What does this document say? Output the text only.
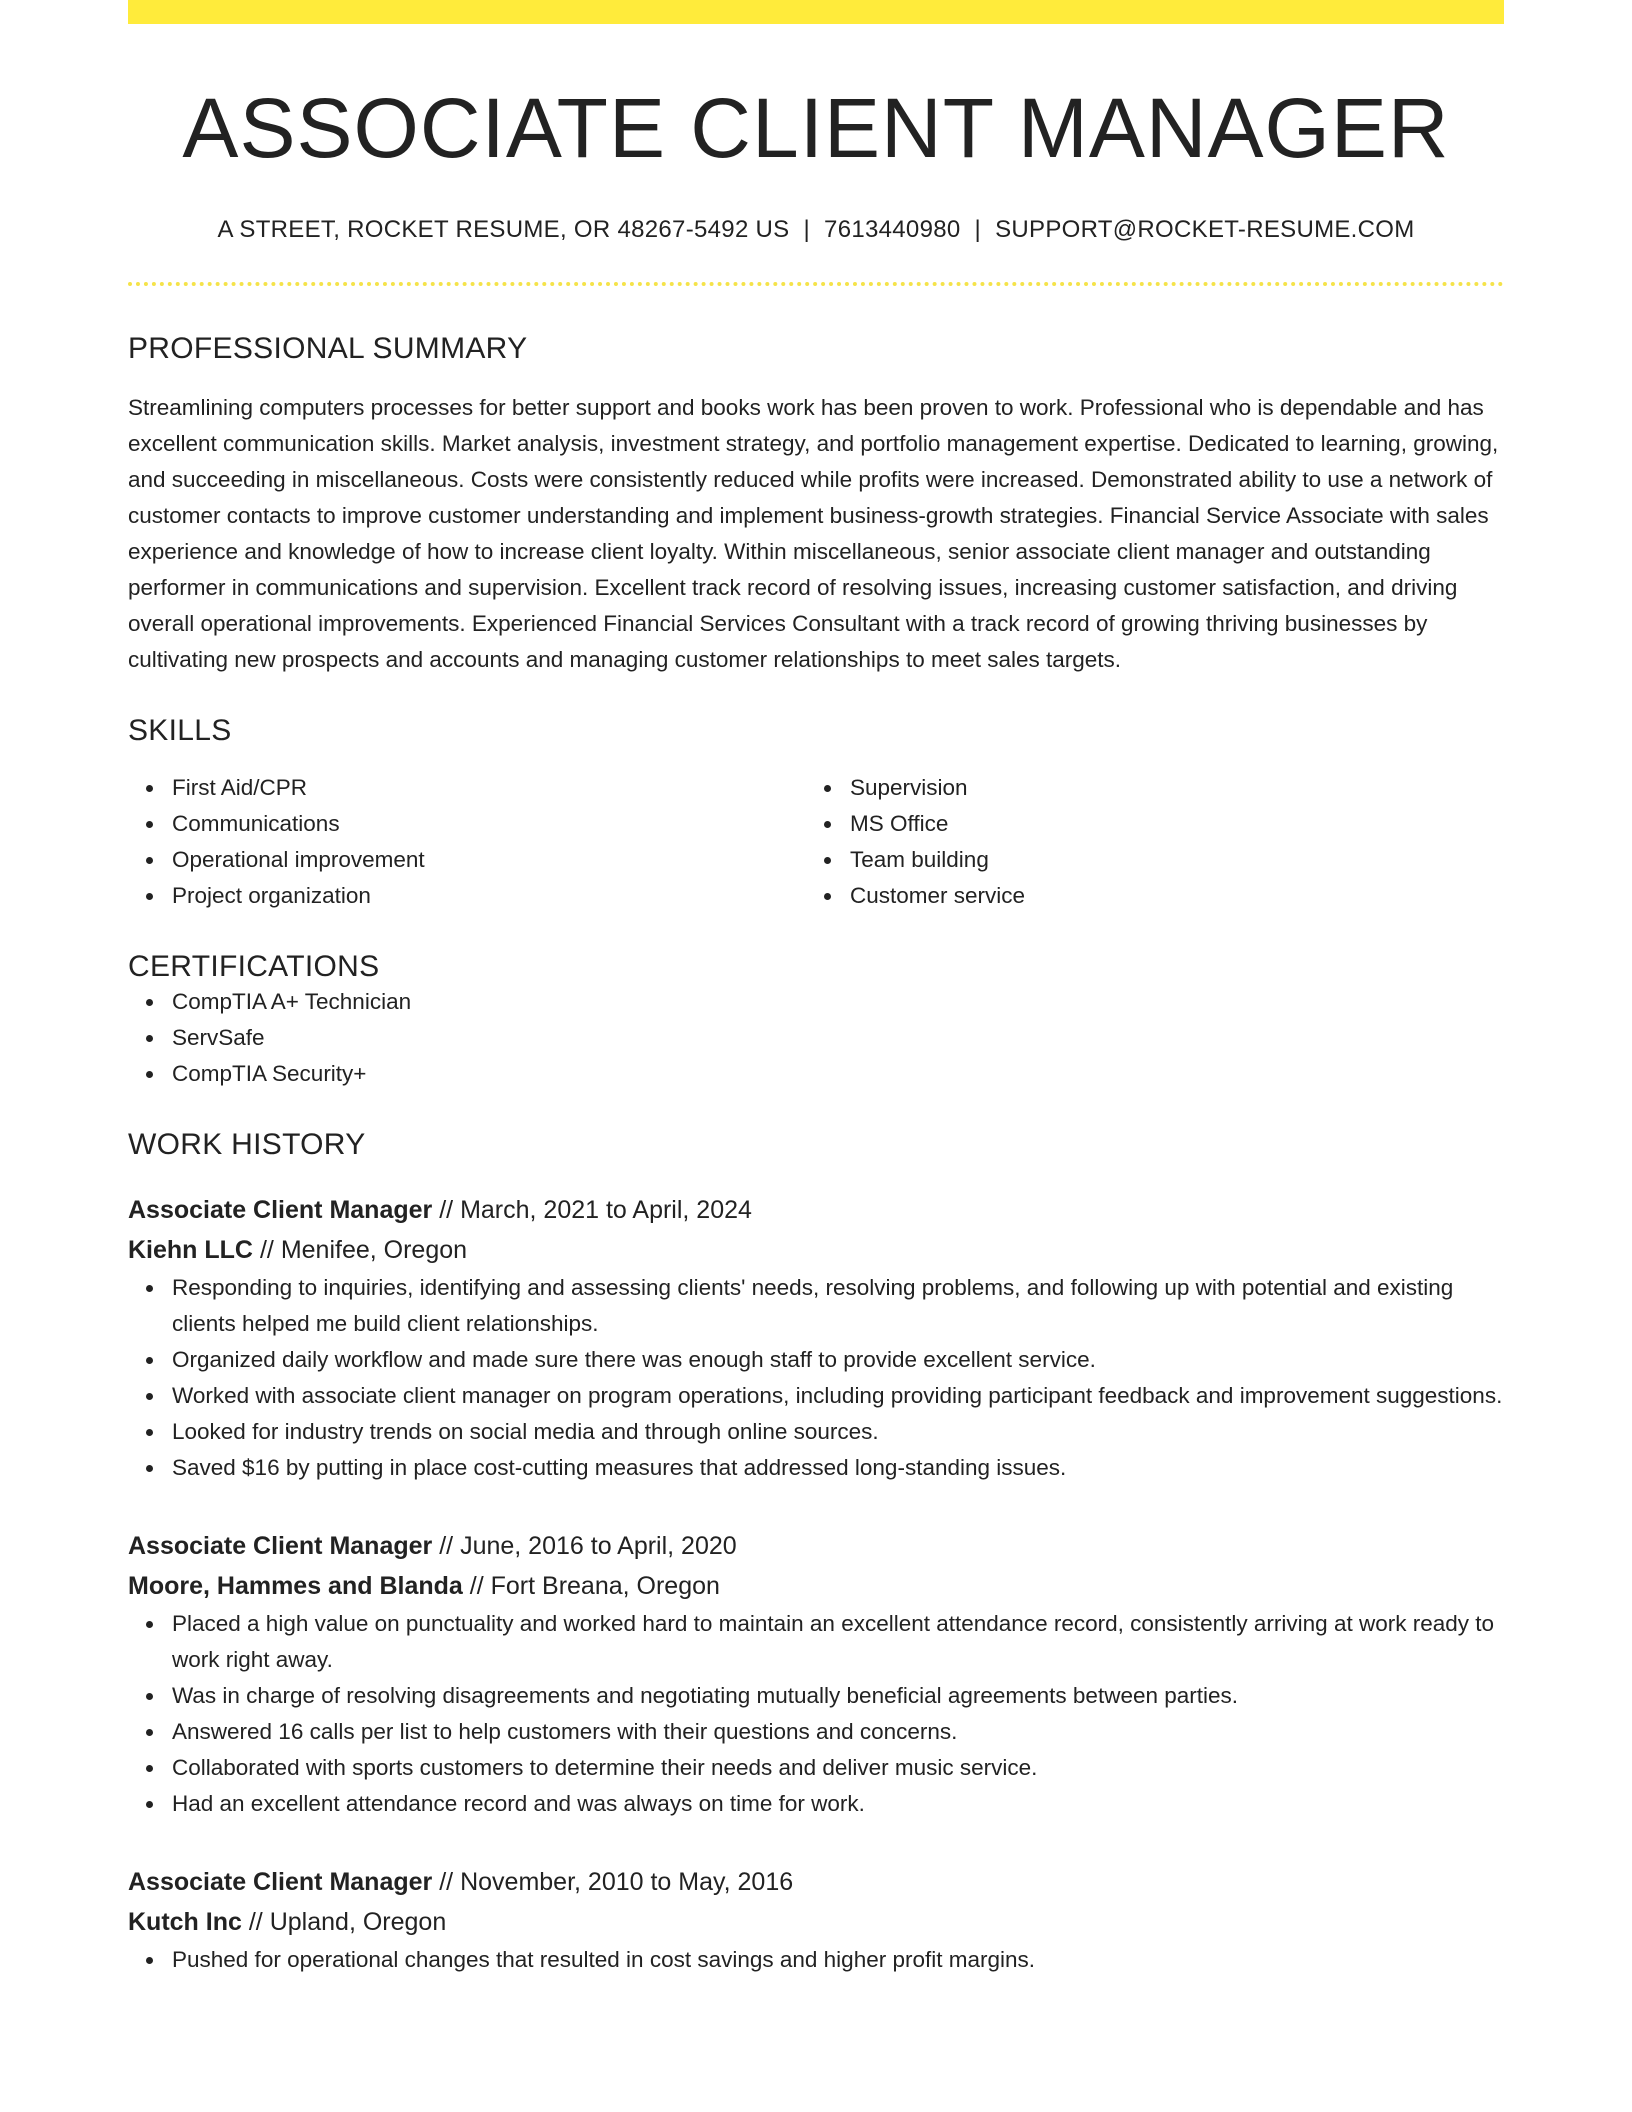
ASSOCIATE CLIENT MANAGER
A STREET, ROCKET RESUME, OR 48267-5492 US | 7613440980 | SUPPORT@ROCKET-RESUME.COM
PROFESSIONAL SUMMARY

Streamlining computers processes for better support and books work has been proven to work. Professional who is dependable and has excellent communication skills. Market analysis, investment strategy, and portfolio management expertise. Dedicated to learning, growing, and succeeding in miscellaneous. Costs were consistently reduced while profits were increased. Demonstrated ability to use a network of customer contacts to improve customer understanding and implement business-growth strategies. Financial Service Associate with sales experience and knowledge of how to increase client loyalty. Within miscellaneous, senior associate client manager and outstanding performer in communications and supervision. Excellent track record of resolving issues, increasing customer satisfaction, and driving overall operational improvements. Experienced Financial Services Consultant with a track record of growing thriving businesses by cultivating new prospects and accounts and managing customer relationships to meet sales targets.

SKILLS
First Aid/CPR
Communications
Operational improvement
Project organization
Supervision
MS Office
Team building
Customer service
CERTIFICATIONS
CompTIA A+ Technician
ServSafe
CompTIA Security+
WORK HISTORY
Associate Client Manager // March, 2021 to April, 2024
Kiehn LLC // Menifee, Oregon
Responding to inquiries, identifying and assessing clients' needs, resolving problems, and following up with potential and existing clients helped me build client relationships.
Organized daily workflow and made sure there was enough staff to provide excellent service.
Worked with associate client manager on program operations, including providing participant feedback and improvement suggestions.
Looked for industry trends on social media and through online sources.
Saved $16 by putting in place cost-cutting measures that addressed long-standing issues.
Associate Client Manager // June, 2016 to April, 2020
Moore, Hammes and Blanda // Fort Breana, Oregon
Placed a high value on punctuality and worked hard to maintain an excellent attendance record, consistently arriving at work ready to work right away.
Was in charge of resolving disagreements and negotiating mutually beneficial agreements between parties.
Answered 16 calls per list to help customers with their questions and concerns.
Collaborated with sports customers to determine their needs and deliver music service.
Had an excellent attendance record and was always on time for work.
Associate Client Manager // November, 2010 to May, 2016
Kutch Inc // Upland, Oregon
Pushed for operational changes that resulted in cost savings and higher profit margins.
